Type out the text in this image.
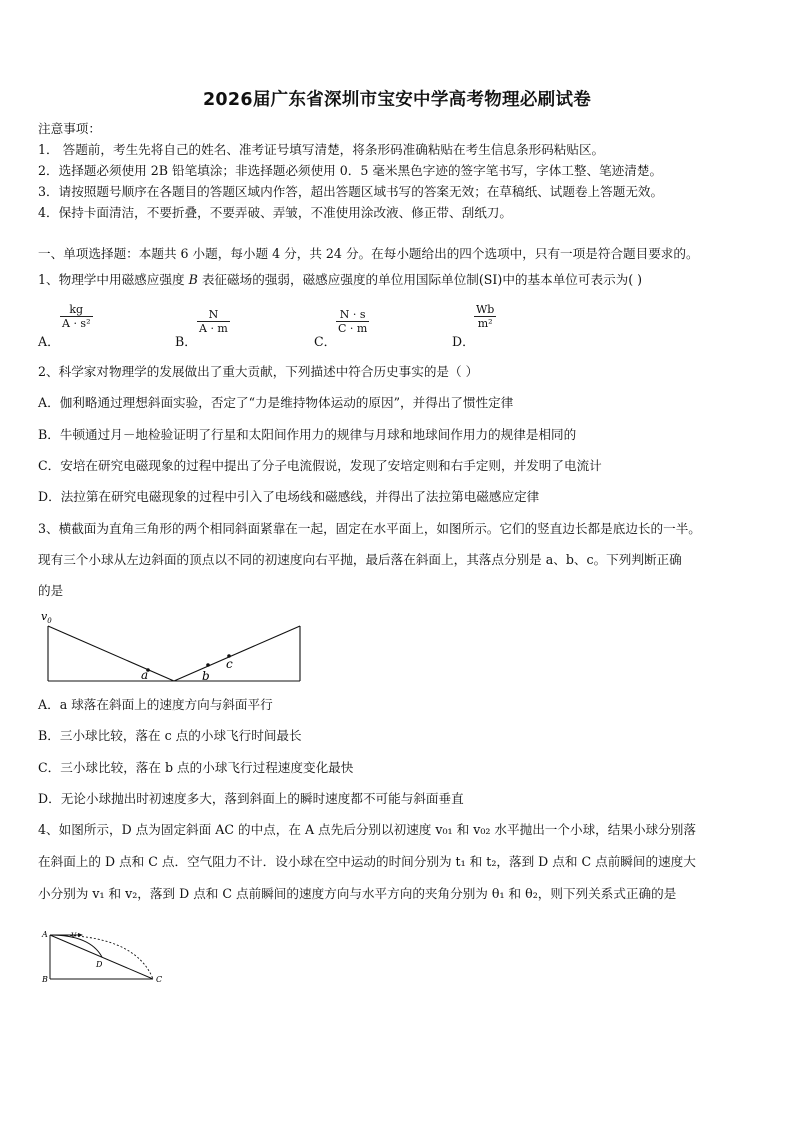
2026届广东省深圳市宝安中学高考物理必刷试卷
注意事项：
1． 答题前，考生先将自己的姓名、准考证号填写清楚，将条形码准确粘贴在考生信息条形码粘贴区。
2．选择题必须使用 2B 铅笔填涂；非选择题必须使用 0．5 毫米黑色字迹的签字笔书写，字体工整、笔迹清楚。
3．请按照题号顺序在各题目的答题区域内作答，超出答题区域书写的答案无效；在草稿纸、试题卷上答题无效。
4．保持卡面清洁，不要折叠，不要弄破、弄皱，不准使用涂改液、修正带、刮纸刀。
一、单项选择题：本题共 6 小题，每小题 4 分，共 24 分。在每小题给出的四个选项中，只有一项是符合题目要求的。
1、物理学中用磁感应强度 B 表征磁场的强弱，磁感应强度的单位用国际单位制(SI)中的基本单位可表示为( )
A．
$\frac{kg}{\text{A · s²}}$
B．
$\frac{N}{A \cdot m}$
C．
$\frac{N \cdot s}{C \cdot m}$
D．
$\frac{Wb}{\text{m²}}$
2、科学家对物理学的发展做出了重大贡献，下列描述中符合历史事实的是（ ）
A．伽利略通过理想斜面实验，否定了“力是维持物体运动的原因”，并得出了惯性定律
B．牛顿通过月－地检验证明了行星和太阳间作用力的规律与月球和地球间作用力的规律是相同的
C．安培在研究电磁现象的过程中提出了分子电流假说，发现了安培定则和右手定则，并发明了电流计
D．法拉第在研究电磁现象的过程中引入了电场线和磁感线，并得出了法拉第电磁感应定律
3、横截面为直角三角形的两个相同斜面紧靠在一起，固定在水平面上，如图所示。它们的竖直边长都是底边长的一半。
现有三个小球从左边斜面的顶点以不同的初速度向右平抛，最后落在斜面上，其落点分别是 a、b、c。下列判断正确
的是
$v_0$
a	b
c
A．a 球落在斜面上的速度方向与斜面平行
B．三小球比较，落在 c 点的小球飞行时间最长
C．三小球比较，落在 b 点的小球飞行过程速度变化最快
D．无论小球抛出时初速度多大，落到斜面上的瞬时速度都不可能与斜面垂直
4、如图所示，D 点为固定斜面 AC 的中点，在 A 点先后分别以初速度 v₀₁ 和 v₀₂ 水平抛出一个小球，结果小球分别落
在斜面上的 D 点和 C 点．空气阻力不计．设小球在空中运动的时间分别为 t₁ 和 t₂，落到 D 点和 C 点前瞬间的速度大
小分别为 v₁ 和 v₂，落到 D 点和 C 点前瞬间的速度方向与水平方向的夹角分别为 θ₁ 和 θ₂，则下列关系式正确的是
A
B	C
D
V
